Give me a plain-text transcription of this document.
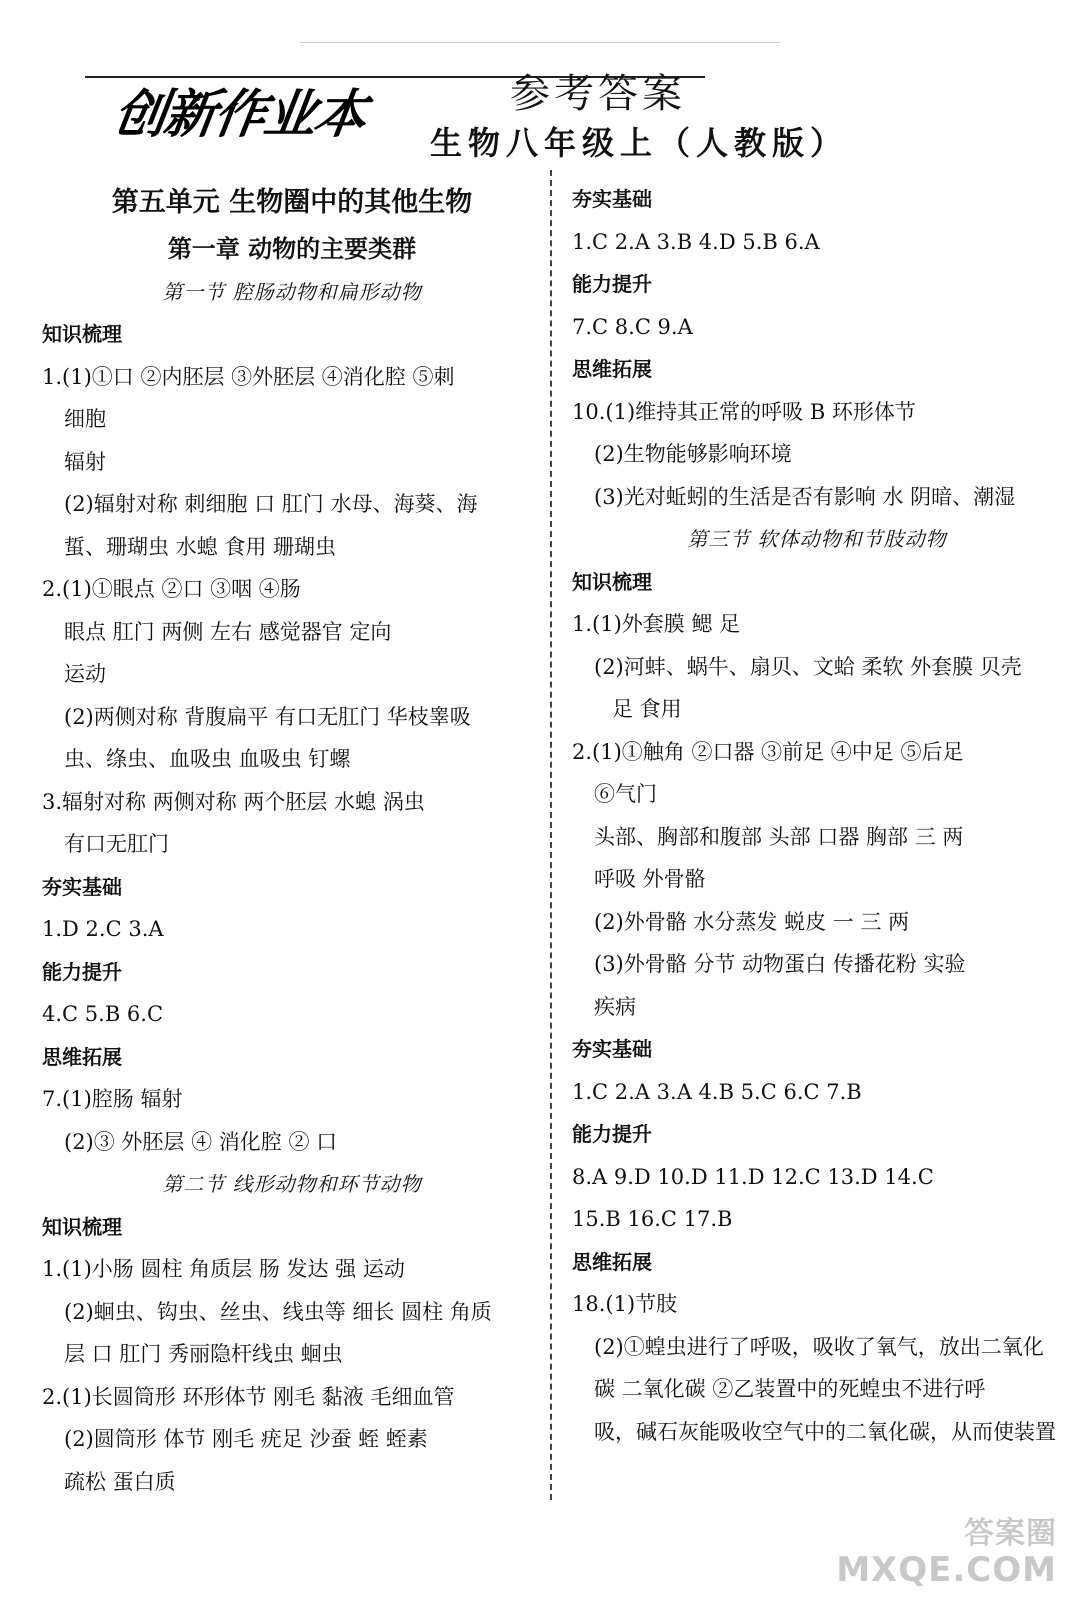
创新作业本	参考答案
生物八年级上（人教版）
第五单元 生物圈中的其他生物
第一章 动物的主要类群
第一节 腔肠动物和扁形动物
知识梳理
1.(1)①口 ②内胚层 ③外胚层 ④消化腔 ⑤刺
细胞
辐射
(2)辐射对称 刺细胞 口 肛门 水母、海葵、海
蜇、珊瑚虫 水螅 食用 珊瑚虫
2.(1)①眼点 ②口 ③咽 ④肠
眼点 肛门 两侧 左右 感觉器官 定向
运动
(2)两侧对称 背腹扁平 有口无肛门 华枝睾吸
虫、绦虫、血吸虫 血吸虫 钉螺
3.辐射对称 两侧对称 两个胚层 水螅 涡虫
有口无肛门
夯实基础
1.D 2.C 3.A
能力提升
4.C 5.B 6.C
思维拓展
7.(1)腔肠 辐射
(2)③ 外胚层 ④ 消化腔 ② 口
第二节 线形动物和环节动物
知识梳理
1.(1)小肠 圆柱 角质层 肠 发达 强 运动
(2)蛔虫、钩虫、丝虫、线虫等 细长 圆柱 角质
层 口 肛门 秀丽隐杆线虫 蛔虫
2.(1)长圆筒形 环形体节 刚毛 黏液 毛细血管
(2)圆筒形 体节 刚毛 疣足 沙蚕 蛭 蛭素
疏松 蛋白质
夯实基础
1.C 2.A 3.B 4.D 5.B 6.A
能力提升
7.C 8.C 9.A
思维拓展
10.(1)维持其正常的呼吸 B 环形体节
(2)生物能够影响环境
(3)光对蚯蚓的生活是否有影响 水 阴暗、潮湿
第三节 软体动物和节肢动物
知识梳理
1.(1)外套膜 鳃 足
(2)河蚌、蜗牛、扇贝、文蛤 柔软 外套膜 贝壳
足 食用
2.(1)①触角 ②口器 ③前足 ④中足 ⑤后足
⑥气门
头部、胸部和腹部 头部 口器 胸部 三 两
呼吸 外骨骼
(2)外骨骼 水分蒸发 蜕皮 一 三 两
(3)外骨骼 分节 动物蛋白 传播花粉 实验
疾病
夯实基础
1.C 2.A 3.A 4.B 5.C 6.C 7.B
能力提升
8.A 9.D 10.D 11.D 12.C 13.D 14.C
15.B 16.C 17.B
思维拓展
18.(1)节肢
(2)①蝗虫进行了呼吸，吸收了氧气，放出二氧化
碳 二氧化碳 ②乙装置中的死蝗虫不进行呼
吸，碱石灰能吸收空气中的二氧化碳，从而使装置
答案圈
MXQE.COM
